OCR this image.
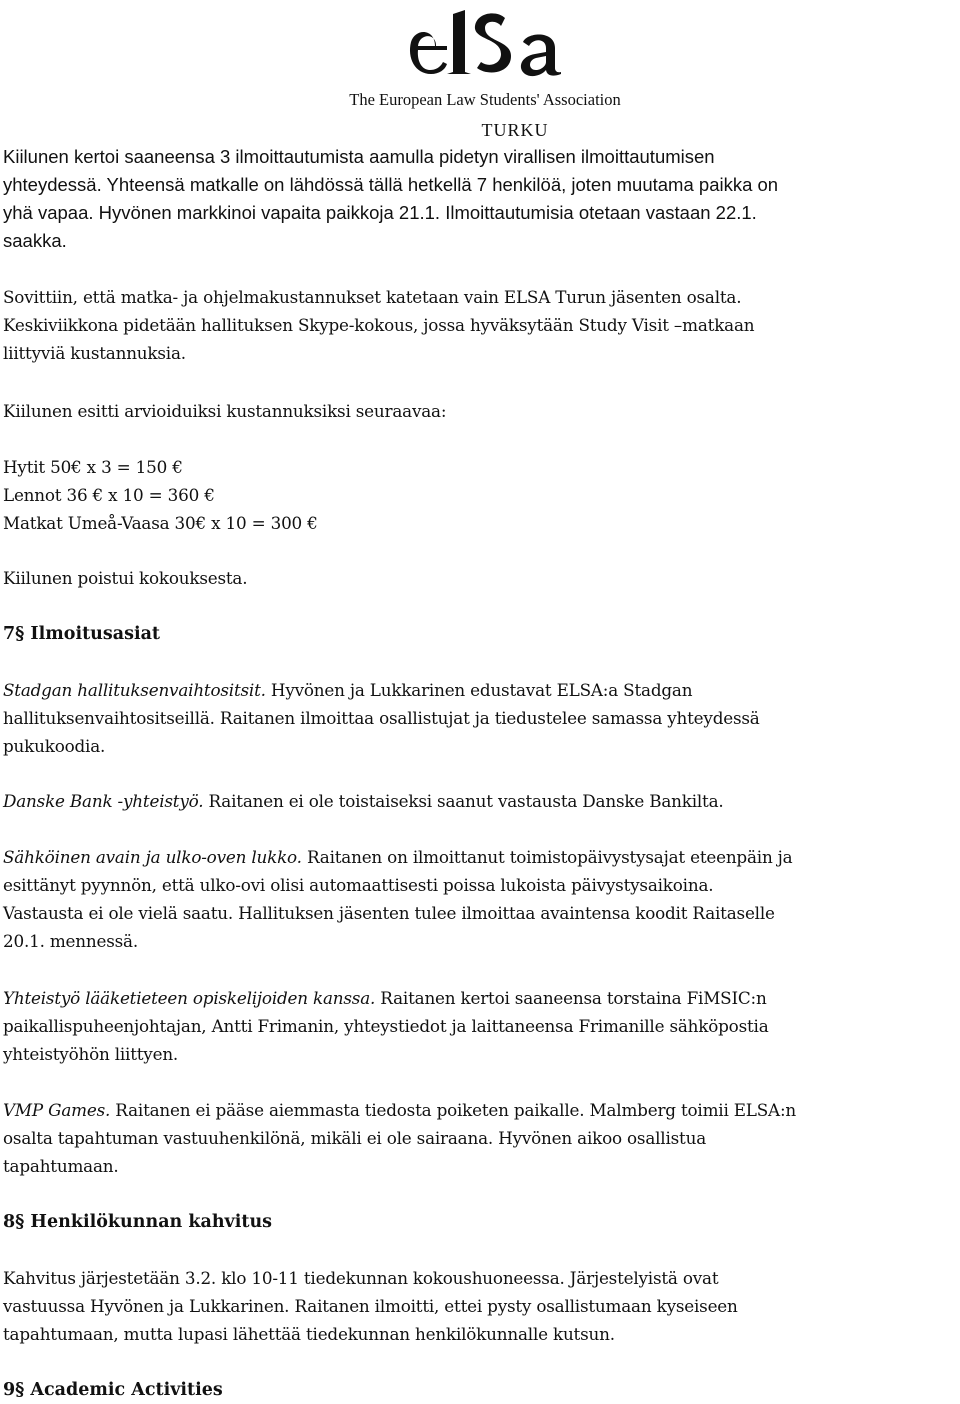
The European Law Students' Association
TURKU
Kiilunen kertoi saaneensa 3 ilmoittautumista aamulla pidetyn virallisen ilmoittautumisen
yhteydessä. Yhteensä matkalle on lähdössä tällä hetkellä 7 henkilöä, joten muutama paikka on
yhä vapaa. Hyvönen markkinoi vapaita paikkoja 21.1. Ilmoittautumisia otetaan vastaan 22.1.
saakka.
Sovittiin, että matka- ja ohjelmakustannukset katetaan vain ELSA Turun jäsenten osalta.
Keskiviikkona pidetään hallituksen Skype-kokous, jossa hyväksytään Study Visit –matkaan
liittyviä kustannuksia.
Kiilunen esitti arvioiduiksi kustannuksiksi seuraavaa:
Hytit 50€ x 3 = 150 €
Lennot 36 € x 10 = 360 €
Matkat Umeå-Vaasa 30€ x 10 = 300 €
Kiilunen poistui kokouksesta.
7§ Ilmoitusasiat
Stadgan hallituksenvaihtositsit. Hyvönen ja Lukkarinen edustavat ELSA:a Stadgan
hallituksenvaihtositseillä. Raitanen ilmoittaa osallistujat ja tiedustelee samassa yhteydessä
pukukoodia.
Danske Bank -yhteistyö. Raitanen ei ole toistaiseksi saanut vastausta Danske Bankilta.
Sähköinen avain ja ulko-oven lukko. Raitanen on ilmoittanut toimistopäivystysajat eteenpäin ja
esittänyt pyynnön, että ulko-ovi olisi automaattisesti poissa lukoista päivystysaikoina.
Vastausta ei ole vielä saatu. Hallituksen jäsenten tulee ilmoittaa avaintensa koodit Raitaselle
20.1. mennessä.
Yhteistyö lääketieteen opiskelijoiden kanssa. Raitanen kertoi saaneensa torstaina FiMSIC:n
paikallispuheenjohtajan, Antti Frimanin, yhteystiedot ja laittaneensa Frimanille sähköpostia
yhteistyöhön liittyen.
VMP Games. Raitanen ei pääse aiemmasta tiedosta poiketen paikalle. Malmberg toimii ELSA:n
osalta tapahtuman vastuuhenkilönä, mikäli ei ole sairaana. Hyvönen aikoo osallistua
tapahtumaan.
8§ Henkilökunnan kahvitus
Kahvitus järjestetään 3.2. klo 10-11 tiedekunnan kokoushuoneessa. Järjestelyistä ovat
vastuussa Hyvönen ja Lukkarinen. Raitanen ilmoitti, ettei pysty osallistumaan kyseiseen
tapahtumaan, mutta lupasi lähettää tiedekunnan henkilökunnalle kutsun.
9§ Academic Activities
